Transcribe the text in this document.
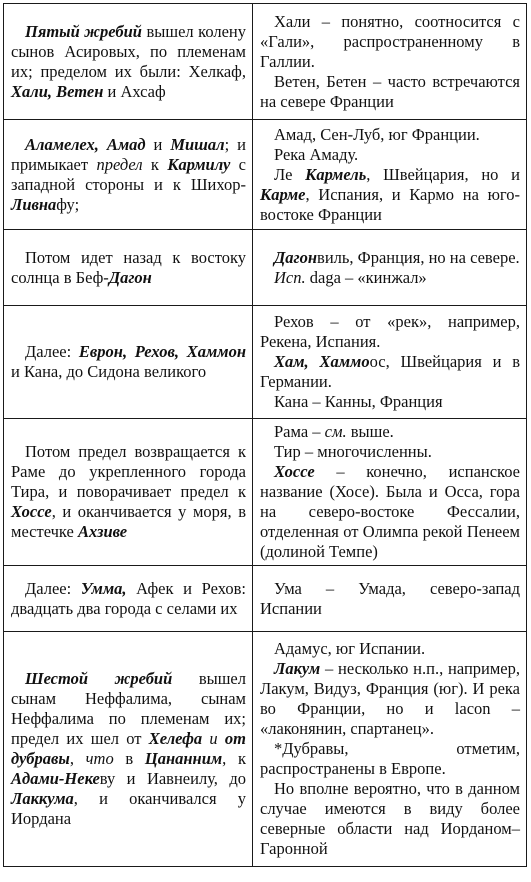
Пятый жребий вышел колену сынов Асировых, по племенам их; пределом их были: Хелкаф, Хали, Ветен и Ахсаф	Хали – понятно, соотносится с «Гали», распространенному в Галлии.

Ветен, Бетен – часто встречаются на севере Франции

Аламелех, Амад и Мишал; и примыкает предел к Кармилу с западной стороны и к Шихор-Ливнафу;	Амад, Сен-Луб, юг Франции.

Река Амаду.

Ле Кармель, Швейцария, но и Карме, Испания, и Кармо на юго-востоке Франции

Потом идет назад к востоку солнца в Беф-Дагон	Дагонвиль, Франция, но на севере.

Исп. daga – «кинжал»

Далее: Еврон, Рехов, Хаммон и Кана, до Сидона великого	Рехов – от «рек», например, Рекена, Испания.

Хам, Хаммоос, Швейцария и в Германии.

Кана – Канны, Франция

Потом предел возвращается к Раме до укрепленного города Тира, и поворачивает предел к Хоссе, и оканчивается у моря, в местечке Ахзиве	Рама – см. выше.

Тир – многочисленны.

Хоссе – конечно, испанское название (Хосе). Была и Осса, гора на северо-востоке Фессалии, отделенная от Олимпа рекой Пенеем (долиной Темпе)

Далее: Умма, Афек и Рехов: двадцать два города с селами их	Ума – Умада, северо-запад Испании

Шестой жребий вышел сынам Неффалима, сынам Неффалима по племенам их; предел их шел от Хелефа и от дубравы, что в Цананним, к Адами-Некеву и Иавнеилу, до Лаккума, и оканчивался у Иордана	Адамус, юг Испании.

Лакум – несколько н.п., например, Лакум, Видуз, Франция (юг). И река во Франции, но и lacon – «лаконянин, спартанец».

*Дубравы, отметим, распространены в Европе.

Но вполне вероятно, что в данном случае имеются в виду более северные области над Иорданом–Гаронной
